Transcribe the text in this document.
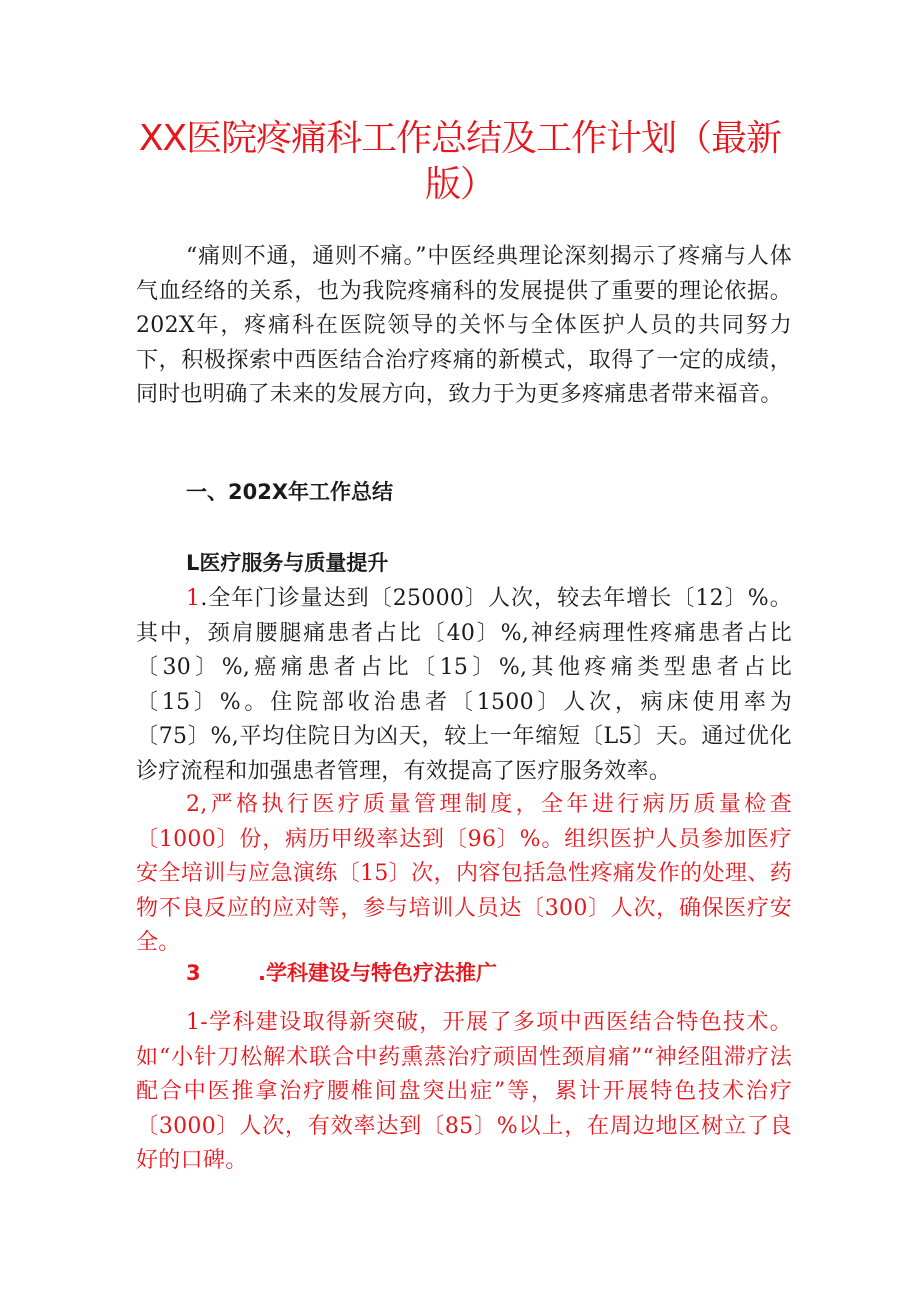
XX医院疼痛科工作总结及工作计划（最新版）
“痛则不通，通则不痛。”中医经典理论深刻揭示了疼痛与人体气血经络的关系，也为我院疼痛科的发展提供了重要的理论依据。202X年，疼痛科在医院领导的关怀与全体医护人员的共同努力下，积极探索中西医结合治疗疼痛的新模式，取得了一定的成绩，同时也明确了未来的发展方向，致力于为更多疼痛患者带来福音。
一、202X年工作总结
L医疗服务与质量提升
1.全年门诊量达到〔25000〕人次，较去年增长〔12〕%。其中，颈肩腰腿痛患者占比〔40〕%,神经病理性疼痛患者占比〔30〕%,癌痛患者占比〔15〕%,其他疼痛类型患者占比〔15〕%。住院部收治患者〔1500〕人次，病床使用率为〔75〕%,平均住院日为凶天，较上一年缩短〔L5〕天。通过优化诊疗流程和加强患者管理，有效提高了医疗服务效率。
2,严格执行医疗质量管理制度，全年进行病历质量检查〔1000〕份，病历甲级率达到〔96〕%。组织医护人员参加医疗安全培训与应急演练〔15〕次，内容包括急性疼痛发作的处理、药物不良反应的应对等，参与培训人员达〔300〕人次，确保医疗安全。
3	.学科建设与特色疗法推广
1-学科建设取得新突破，开展了多项中西医结合特色技术。如“小针刀松解术联合中药熏蒸治疗顽固性颈肩痛”“神经阻滞疗法配合中医推拿治疗腰椎间盘突出症”等，累计开展特色技术治疗〔3000〕人次，有效率达到〔85〕%以上，在周边地区树立了良好的口碑。
